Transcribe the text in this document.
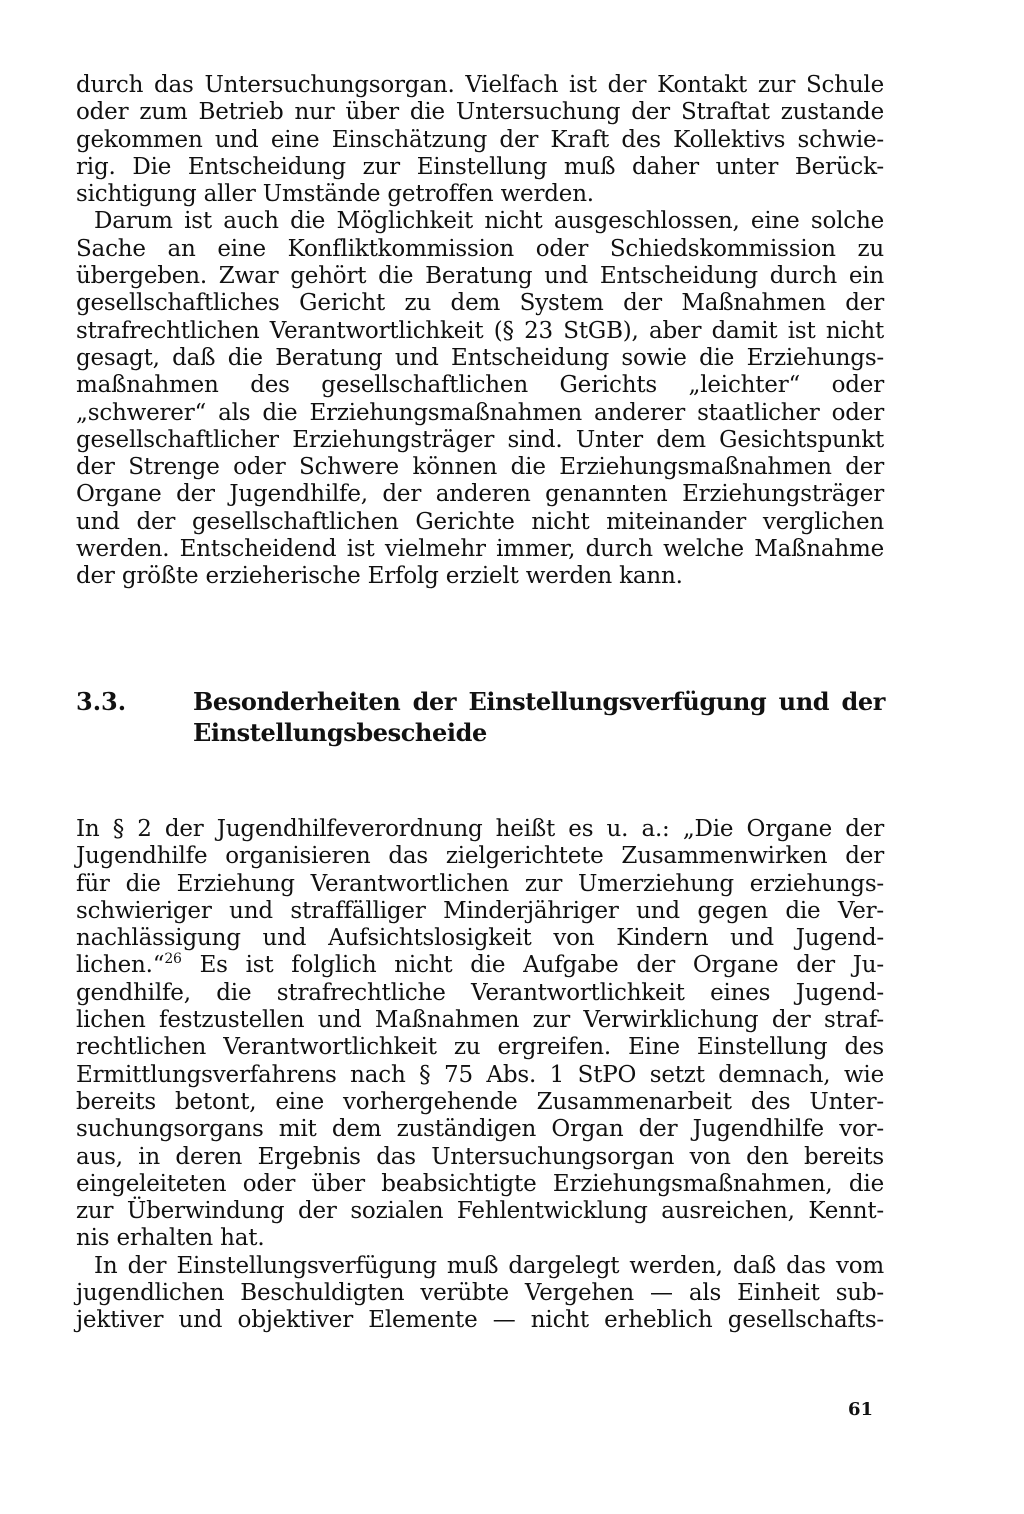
durch das Untersuchungsorgan. Vielfach ist der Kontakt zur Schule
oder zum Betrieb nur über die Untersuchung der Straftat zustande
gekommen und eine Einschätzung der Kraft des Kollektivs schwie-
rig. Die Entscheidung zur Einstellung muß daher unter Berück-
sichtigung aller Umstände getroffen werden.
Darum ist auch die Möglichkeit nicht ausgeschlossen, eine solche
Sache an eine Konfliktkommission oder Schiedskommission zu
übergeben. Zwar gehört die Beratung und Entscheidung durch ein
gesellschaftliches Gericht zu dem System der Maßnahmen der
strafrechtlichen Verantwortlichkeit (§ 23 StGB), aber damit ist nicht
gesagt, daß die Beratung und Entscheidung sowie die Erziehungs-
maßnahmen des gesellschaftlichen Gerichts „leichter“ oder
„schwerer“ als die Erziehungsmaßnahmen anderer staatlicher oder
gesellschaftlicher Erziehungsträger sind. Unter dem Gesichtspunkt
der Strenge oder Schwere können die Erziehungsmaßnahmen der
Organe der Jugendhilfe, der anderen genannten Erziehungsträger
und der gesellschaftlichen Gerichte nicht miteinander verglichen
werden. Entscheidend ist vielmehr immer, durch welche Maßnahme
der größte erzieherische Erfolg erzielt werden kann.
3.3.	Besonderheiten der Einstellungsverfügung und der
Einstellungsbescheide
In § 2 der Jugendhilfeverordnung heißt es u. a.: „Die Organe der
Jugendhilfe organisieren das zielgerichtete Zusammenwirken der
für die Erziehung Verantwortlichen zur Umerziehung erziehungs-
schwieriger und straffälliger Minderjähriger und gegen die Ver-
nachlässigung und Aufsichtslosigkeit von Kindern und Jugend-
lichen.“$^{26}$ Es ist folglich nicht die Aufgabe der Organe der Ju-
gendhilfe, die strafrechtliche Verantwortlichkeit eines Jugend-
lichen festzustellen und Maßnahmen zur Verwirklichung der straf-
rechtlichen Verantwortlichkeit zu ergreifen. Eine Einstellung des
Ermittlungsverfahrens nach § 75 Abs. 1 StPO setzt demnach, wie
bereits betont, eine vorhergehende Zusammenarbeit des Unter-
suchungsorgans mit dem zuständigen Organ der Jugendhilfe vor-
aus, in deren Ergebnis das Untersuchungsorgan von den bereits
eingeleiteten oder über beabsichtigte Erziehungsmaßnahmen, die
zur Überwindung der sozialen Fehlentwicklung ausreichen, Kennt-
nis erhalten hat.
In der Einstellungsverfügung muß dargelegt werden, daß das vom
jugendlichen Beschuldigten verübte Vergehen — als Einheit sub-
jektiver und objektiver Elemente — nicht erheblich gesellschafts-
61
